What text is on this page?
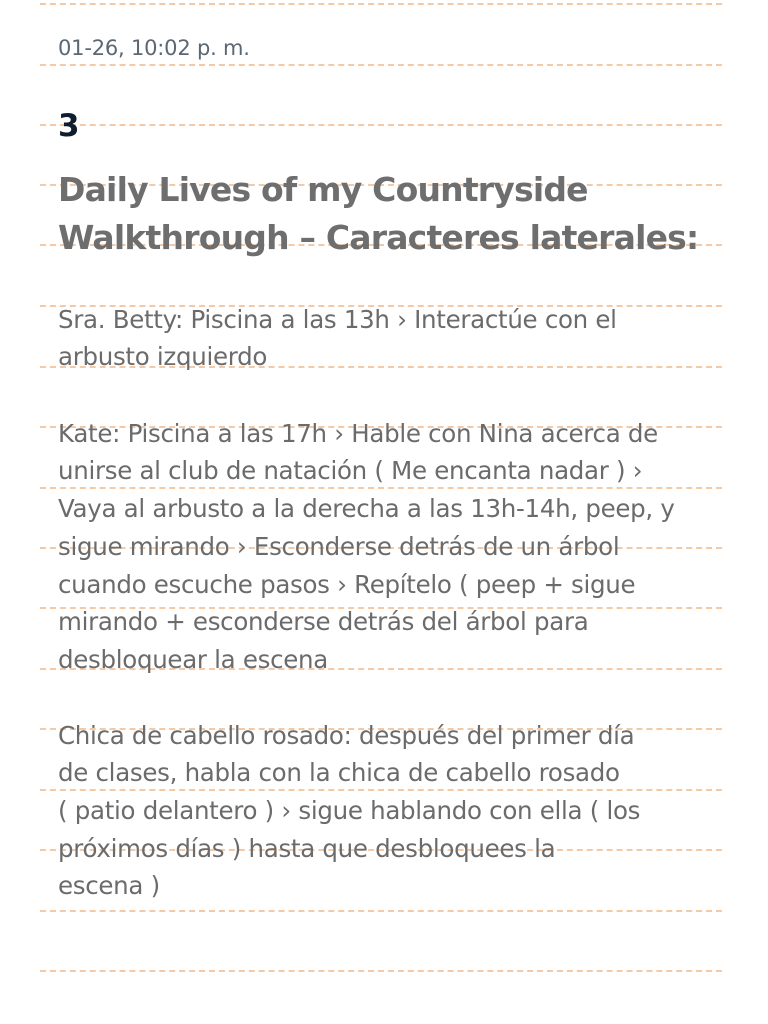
01-26, 10:02 p. m.

3

Daily Lives of my Countryside
Walkthrough – Caracteres laterales:

Sra. Betty: Piscina a las 13h › Interactúe con el

arbusto izquierdo

Kate: Piscina a las 17h › Hable con Nina acerca de

unirse al club de natación ( Me encanta nadar ) ›

Vaya al arbusto a la derecha a las 13h-14h, peep, y

sigue mirando › Esconderse detrás de un árbol

cuando escuche pasos › Repítelo ( peep + sigue

mirando + esconderse detrás del árbol para

desbloquear la escena

Chica de cabello rosado: después del primer día

de clases, habla con la chica de cabello rosado

( patio delantero ) › sigue hablando con ella ( los

próximos días ) hasta que desbloquees la

escena )
